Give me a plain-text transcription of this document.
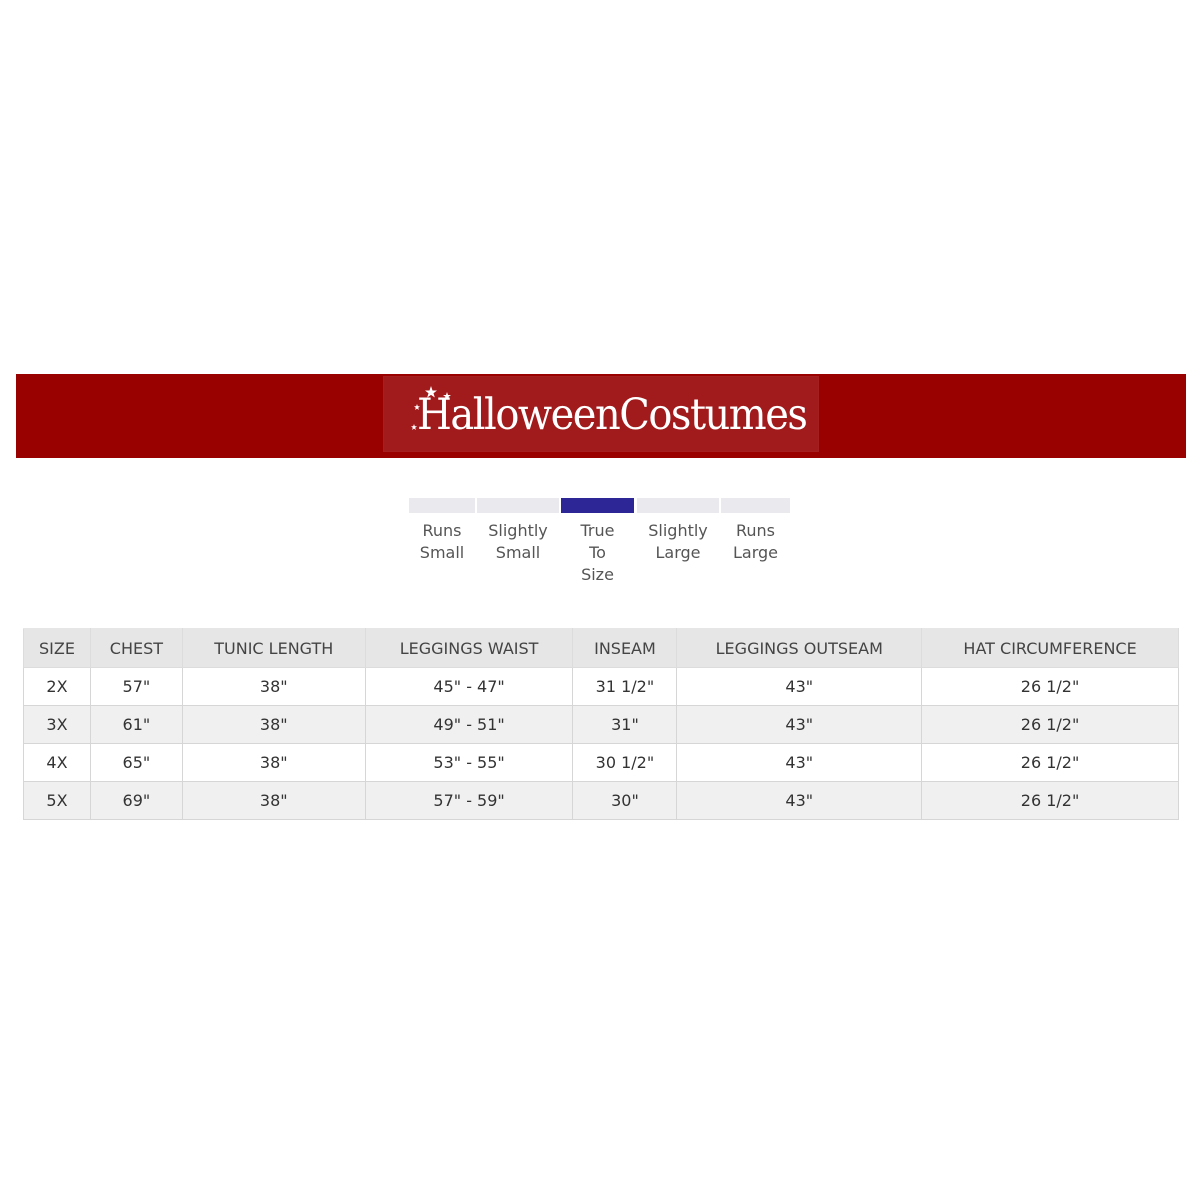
HalloweenCostumes
Runs
Small
Slightly
Small
True
To
Size
Slightly
Large
Runs
Large
SIZE	CHEST	TUNIC LENGTH	LEGGINGS WAIST	INSEAM	LEGGINGS OUTSEAM	HAT CIRCUMFERENCE
2X	57"	38"	45" - 47"	31 1/2"	43"	26 1/2"
3X	61"	38"	49" - 51"	31"	43"	26 1/2"
4X	65"	38"	53" - 55"	30 1/2"	43"	26 1/2"
5X	69"	38"	57" - 59"	30"	43"	26 1/2"
